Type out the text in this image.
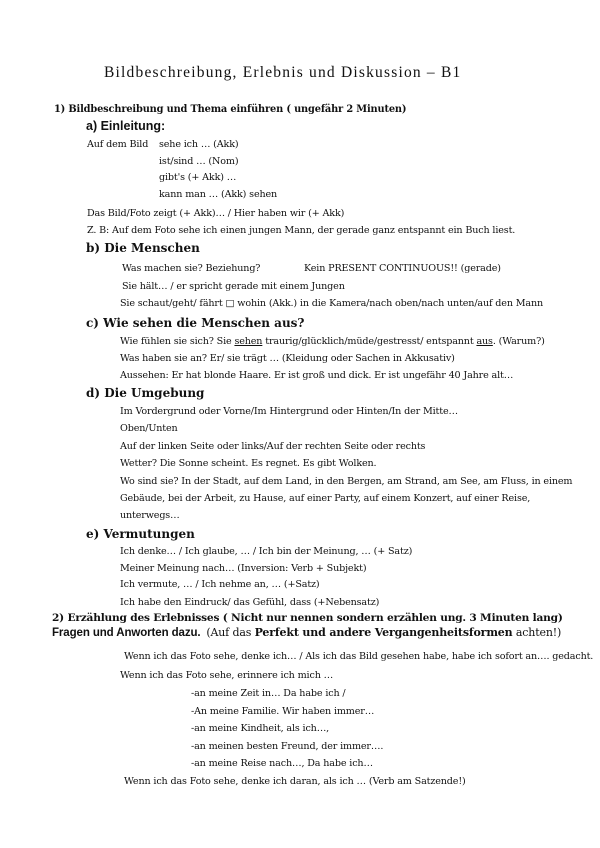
Bildbeschreibung, Erlebnis und Diskussion – B1
1) Bildbeschreibung und Thema einführen ( ungefähr 2 Minuten)
a) Einleitung:
Auf dem Bild sehe ich … (Akk)
ist/sind … (Nom)
gibt's (+ Akk) …
kann man … (Akk) sehen
Das Bild/Foto zeigt (+ Akk)… / Hier haben wir (+ Akk)
Z. B: Auf dem Foto sehe ich einen jungen Mann, der gerade ganz entspannt ein Buch liest.
b) Die Menschen
Was machen sie? Beziehung?	Kein PRESENT CONTINUOUS!! (gerade)
Sie hält… / er spricht gerade mit einem Jungen
Sie schaut/geht/ fährt □ wohin (Akk.) in die Kamera/nach oben/nach unten/auf den Mann
c) Wie sehen die Menschen aus?
Wie fühlen sie sich? Sie sehen traurig/glücklich/müde/gestresst/ entspannt aus. (Warum?)
Was haben sie an? Er/ sie trägt … (Kleidung oder Sachen in Akkusativ)
Aussehen: Er hat blonde Haare. Er ist groß und dick. Er ist ungefähr 40 Jahre alt…
d) Die Umgebung
Im Vordergrund oder Vorne/Im Hintergrund oder Hinten/In der Mitte…
Oben/Unten
Auf der linken Seite oder links/Auf der rechten Seite oder rechts
Wetter? Die Sonne scheint. Es regnet. Es gibt Wolken.
Wo sind sie? In der Stadt, auf dem Land, in den Bergen, am Strand, am See, am Fluss, in einem
Gebäude, bei der Arbeit, zu Hause, auf einer Party, auf einem Konzert, auf einer Reise,
unterwegs…
e) Vermutungen
Ich denke… / Ich glaube, … / Ich bin der Meinung, … (+ Satz)
Meiner Meinung nach… (Inversion: Verb + Subjekt)
Ich vermute, … / Ich nehme an, … (+Satz)
Ich habe den Eindruck/ das Gefühl, dass (+Nebensatz)
2) Erzählung des Erlebnisses ( Nicht nur nennen sondern erzählen ung. 3 Minuten lang)
Fragen und Anworten dazu. (Auf das Perfekt und andere Vergangenheitsformen achten!)
Wenn ich das Foto sehe, denke ich… / Als ich das Bild gesehen habe, habe ich sofort an…. gedacht.
Wenn ich das Foto sehe, erinnere ich mich …
-an meine Zeit in… Da habe ich /
-An meine Familie. Wir haben immer…
-an meine Kindheit, als ich…,
-an meinen besten Freund, der immer….
-an meine Reise nach…, Da habe ich…
Wenn ich das Foto sehe, denke ich daran, als ich … (Verb am Satzende!)
